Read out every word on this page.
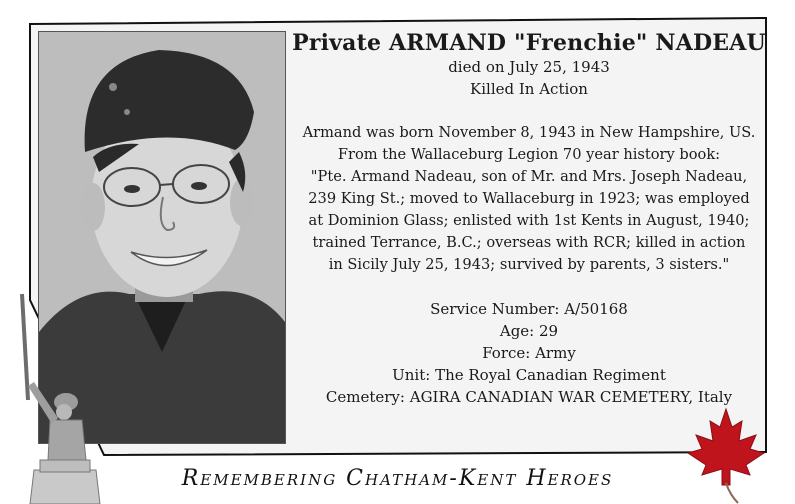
Private ARMAND "Frenchie" NADEAU
died on July 25, 1943
Killed In Action
Armand was born November 8, 1943 in New Hampshire, US.
From the Wallaceburg Legion 70 year history book:
"Pte. Armand Nadeau, son of Mr. and Mrs. Joseph Nadeau,
239 King St.; moved to Wallaceburg in 1923; was employed
at Dominion Glass; enlisted with 1st Kents in August, 1940;
trained Terrance, B.C.; overseas with RCR; killed in action
in Sicily July 25, 1943; survived by parents, 3 sisters."
Service Number: A/50168
Age: 29
Force: Army
Unit: The Royal Canadian Regiment
Cemetery: AGIRA CANADIAN WAR CEMETERY, Italy
Remembering Chatham-Kent Heroes
